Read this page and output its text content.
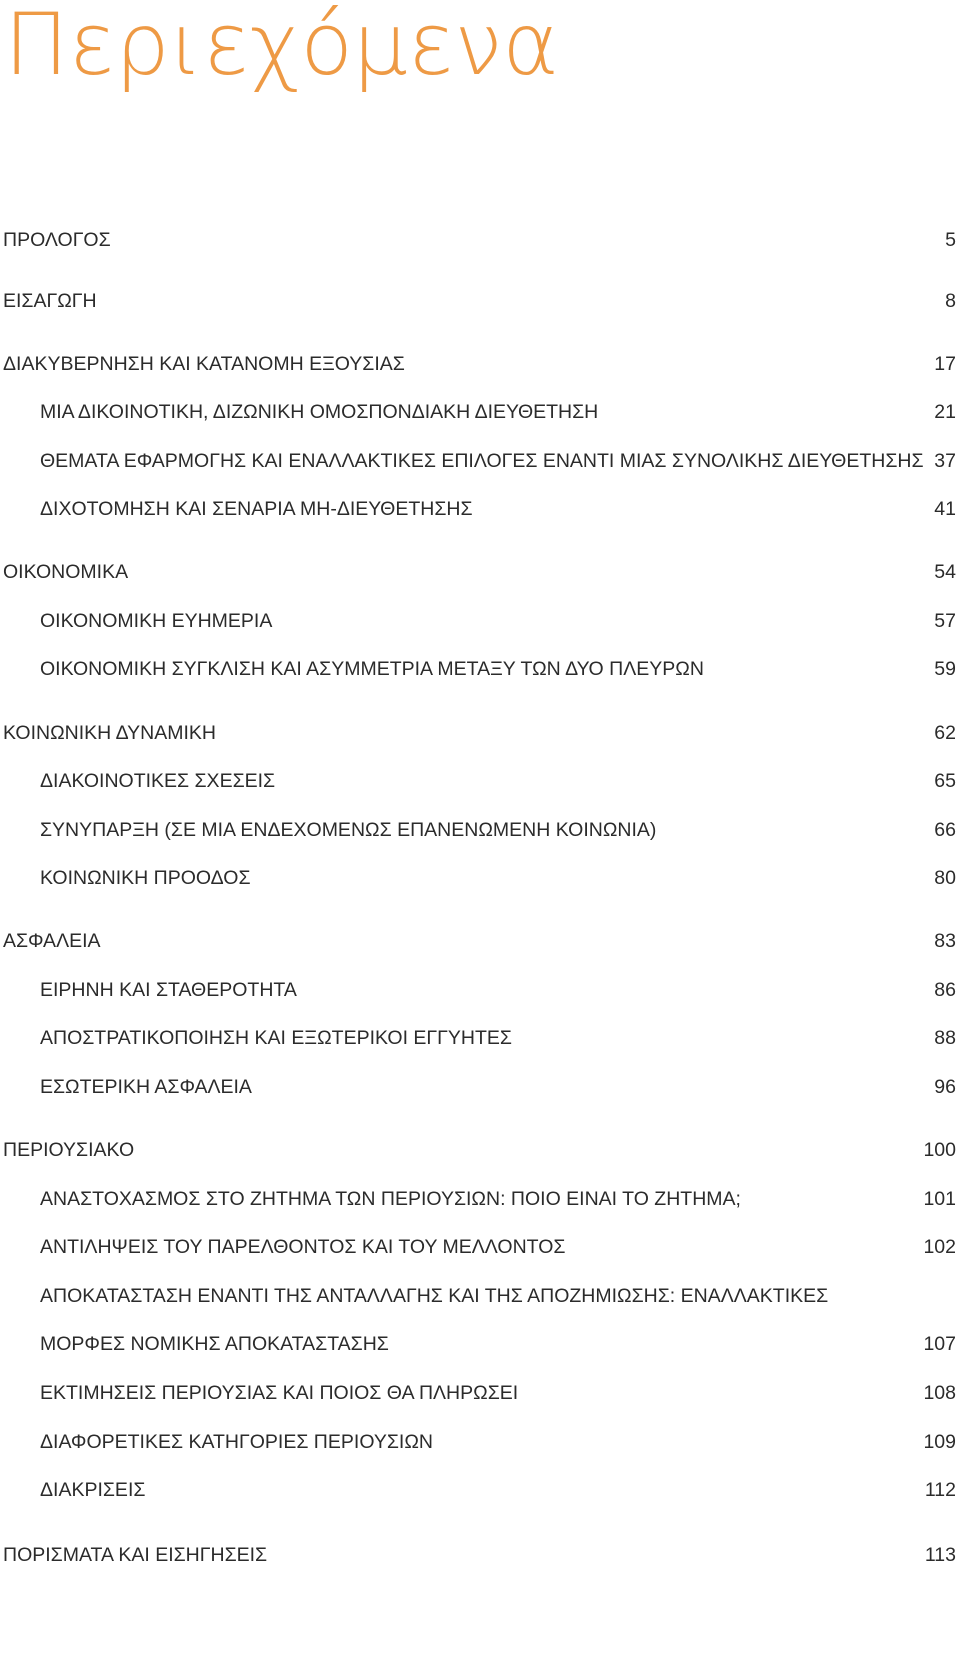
Περιεχόμενα
ΠΡΟΛΟΓΟΣ	5
ΕΙΣΑΓΩΓΗ	8
ΔΙΑΚΥΒΕΡΝΗΣΗ ΚΑΙ ΚΑΤΑΝΟΜΗ ΕΞΟΥΣΙΑΣ	17
ΜΙΑ ΔΙΚΟΙΝΟΤΙΚΗ, ΔΙΖΩΝΙΚΗ ΟΜΟΣΠΟΝΔΙΑΚΗ ΔΙΕΥΘΕΤΗΣΗ	21
ΘΕΜΑΤΑ ΕΦΑΡΜΟΓΗΣ ΚΑΙ ΕΝΑΛΛΑΚΤΙΚΕΣ ΕΠΙΛΟΓΕΣ ΕΝΑΝΤΙ ΜΙΑΣ ΣΥΝΟΛΙΚΗΣ ΔΙΕΥΘΕΤΗΣΗΣ 37
ΔΙΧΟΤΟΜΗΣΗ ΚΑΙ ΣΕΝΑΡΙΑ ΜΗ-ΔΙΕΥΘΕΤΗΣΗΣ	41
ΟΙΚΟΝΟΜΙΚΑ	54
ΟΙΚΟΝΟΜΙΚΗ ΕΥΗΜΕΡΙΑ	57
ΟΙΚΟΝΟΜΙΚΗ ΣΥΓΚΛΙΣΗ ΚΑΙ ΑΣΥΜΜΕΤΡΙΑ ΜΕΤΑΞΥ ΤΩΝ ΔΥΟ ΠΛΕΥΡΩΝ	59
ΚΟΙΝΩΝΙΚΗ ΔΥΝΑΜΙΚΗ	62
ΔΙΑΚΟΙΝΟΤΙΚΕΣ ΣΧΕΣΕΙΣ	65
ΣΥΝΥΠΑΡΞΗ (ΣΕ ΜΙΑ ΕΝΔΕΧΟΜΕΝΩΣ ΕΠΑΝΕΝΩΜΕΝΗ ΚΟΙΝΩΝΙΑ)	66
ΚΟΙΝΩΝΙΚΗ ΠΡΟΟΔΟΣ	80
ΑΣΦΑΛΕΙΑ	83
ΕΙΡΗΝΗ ΚΑΙ ΣΤΑΘΕΡΟΤΗΤΑ	86
ΑΠΟΣΤΡΑΤΙΚΟΠΟΙΗΣΗ ΚΑΙ ΕΞΩΤΕΡΙΚΟΙ ΕΓΓΥΗΤΕΣ	88
ΕΣΩΤΕΡΙΚΗ ΑΣΦΑΛΕΙΑ	96
ΠΕΡΙΟΥΣΙΑΚΟ	100
ΑΝΑΣΤΟΧΑΣΜΟΣ ΣΤΟ ΖΗΤΗΜΑ ΤΩΝ ΠΕΡΙΟΥΣΙΩΝ: ΠΟΙΟ ΕΙΝΑΙ ΤΟ ΖΗΤΗΜΑ;	101
ΑΝΤΙΛΗΨΕΙΣ ΤΟΥ ΠΑΡΕΛΘΟΝΤΟΣ ΚΑΙ ΤΟΥ ΜΕΛΛΟΝΤΟΣ	102
ΑΠΟΚΑΤΑΣΤΑΣΗ ΕΝΑΝΤΙ ΤΗΣ ΑΝΤΑΛΛΑΓΗΣ ΚΑΙ ΤΗΣ ΑΠΟΖΗΜΙΩΣΗΣ: ΕΝΑΛΛΑΚΤΙΚΕΣ
ΜΟΡΦΕΣ ΝΟΜΙΚΗΣ ΑΠΟΚΑΤΑΣΤΑΣΗΣ	107
ΕΚΤΙΜΗΣΕΙΣ ΠΕΡΙΟΥΣΙΑΣ ΚΑΙ ΠΟΙΟΣ ΘΑ ΠΛΗΡΩΣΕΙ	108
ΔΙΑΦΟΡΕΤΙΚΕΣ ΚΑΤΗΓΟΡΙΕΣ ΠΕΡΙΟΥΣΙΩΝ	109
ΔΙΑΚΡΙΣΕΙΣ	112
ΠΟΡΙΣΜΑΤΑ ΚΑΙ ΕΙΣΗΓΗΣΕΙΣ	113
